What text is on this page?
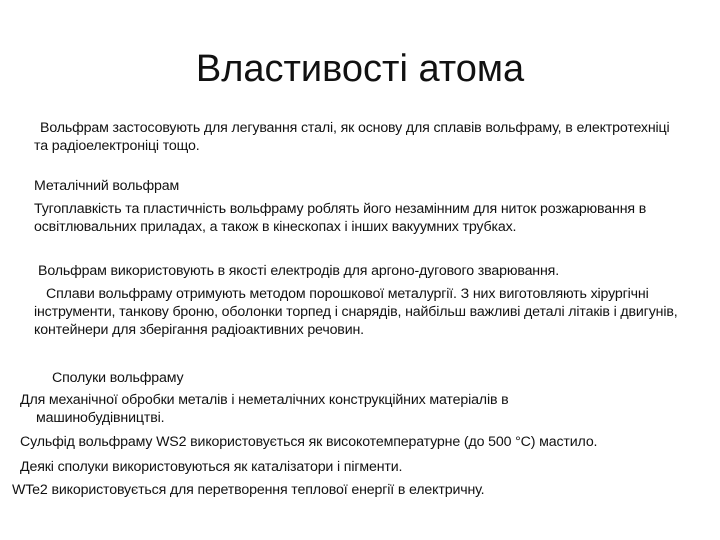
Властивості атома

Вольфрам застосовують для легування сталі, як основу для сплавів вольфраму, в електротехніці та радіоелектроніці тощо.

Металічний вольфрам

Тугоплавкість та пластичність вольфраму роблять його незамінним для ниток розжарювання в освітлювальних приладах, а також в кінескопах і інших вакуумних трубках.

Вольфрам використовують в якості електродів для аргоно-дугового зварювання.

Сплави вольфраму отримують методом порошкової металургії. З них виготовляють хірургічні інструменти, танкову броню, оболонки торпед і снарядів, найбільш важливі деталі літаків і двигунів, контейнери для зберігання радіоактивних речовин.

Сполуки вольфраму

Для механічної обробки металів і неметалічних конструкційних матеріалів в
машинобудівництві.

Сульфід вольфраму WS2 використовується як високотемпературне (до 500 °C) мастило.

Деякі сполуки використовуються як каталізатори і пігменти.

WTe2 використовується для перетворення теплової енергії в електричну.
